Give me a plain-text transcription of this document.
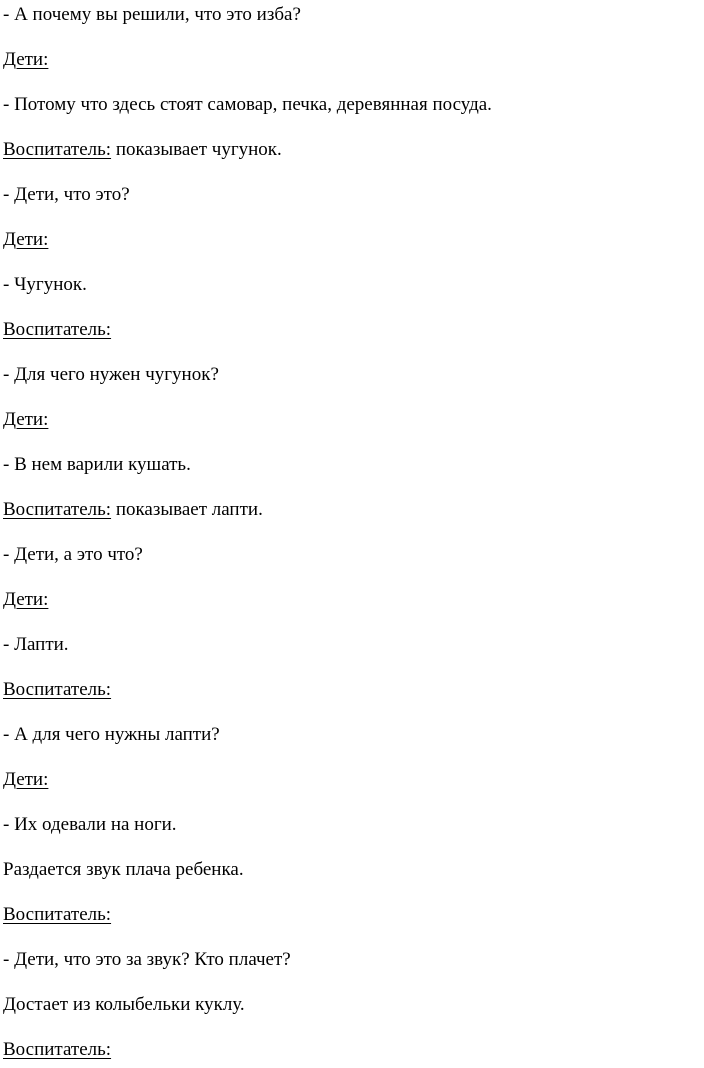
- А почему вы решили, что это изба?
Дети:
- Потому что здесь стоят самовар, печка, деревянная посуда.
Воспитатель: показывает чугунок.
- Дети, что это?
Дети:
- Чугунок.
Воспитатель:
- Для чего нужен чугунок?
Дети:
- В нем варили кушать.
Воспитатель: показывает лапти.
- Дети, а это что?
Дети:
- Лапти.
Воспитатель:
- А для чего нужны лапти?
Дети:
- Их одевали на ноги.
Раздается звук плача ребенка.
Воспитатель:
- Дети, что это за звук? Кто плачет?
Достает из колыбельки куклу.
Воспитатель:
